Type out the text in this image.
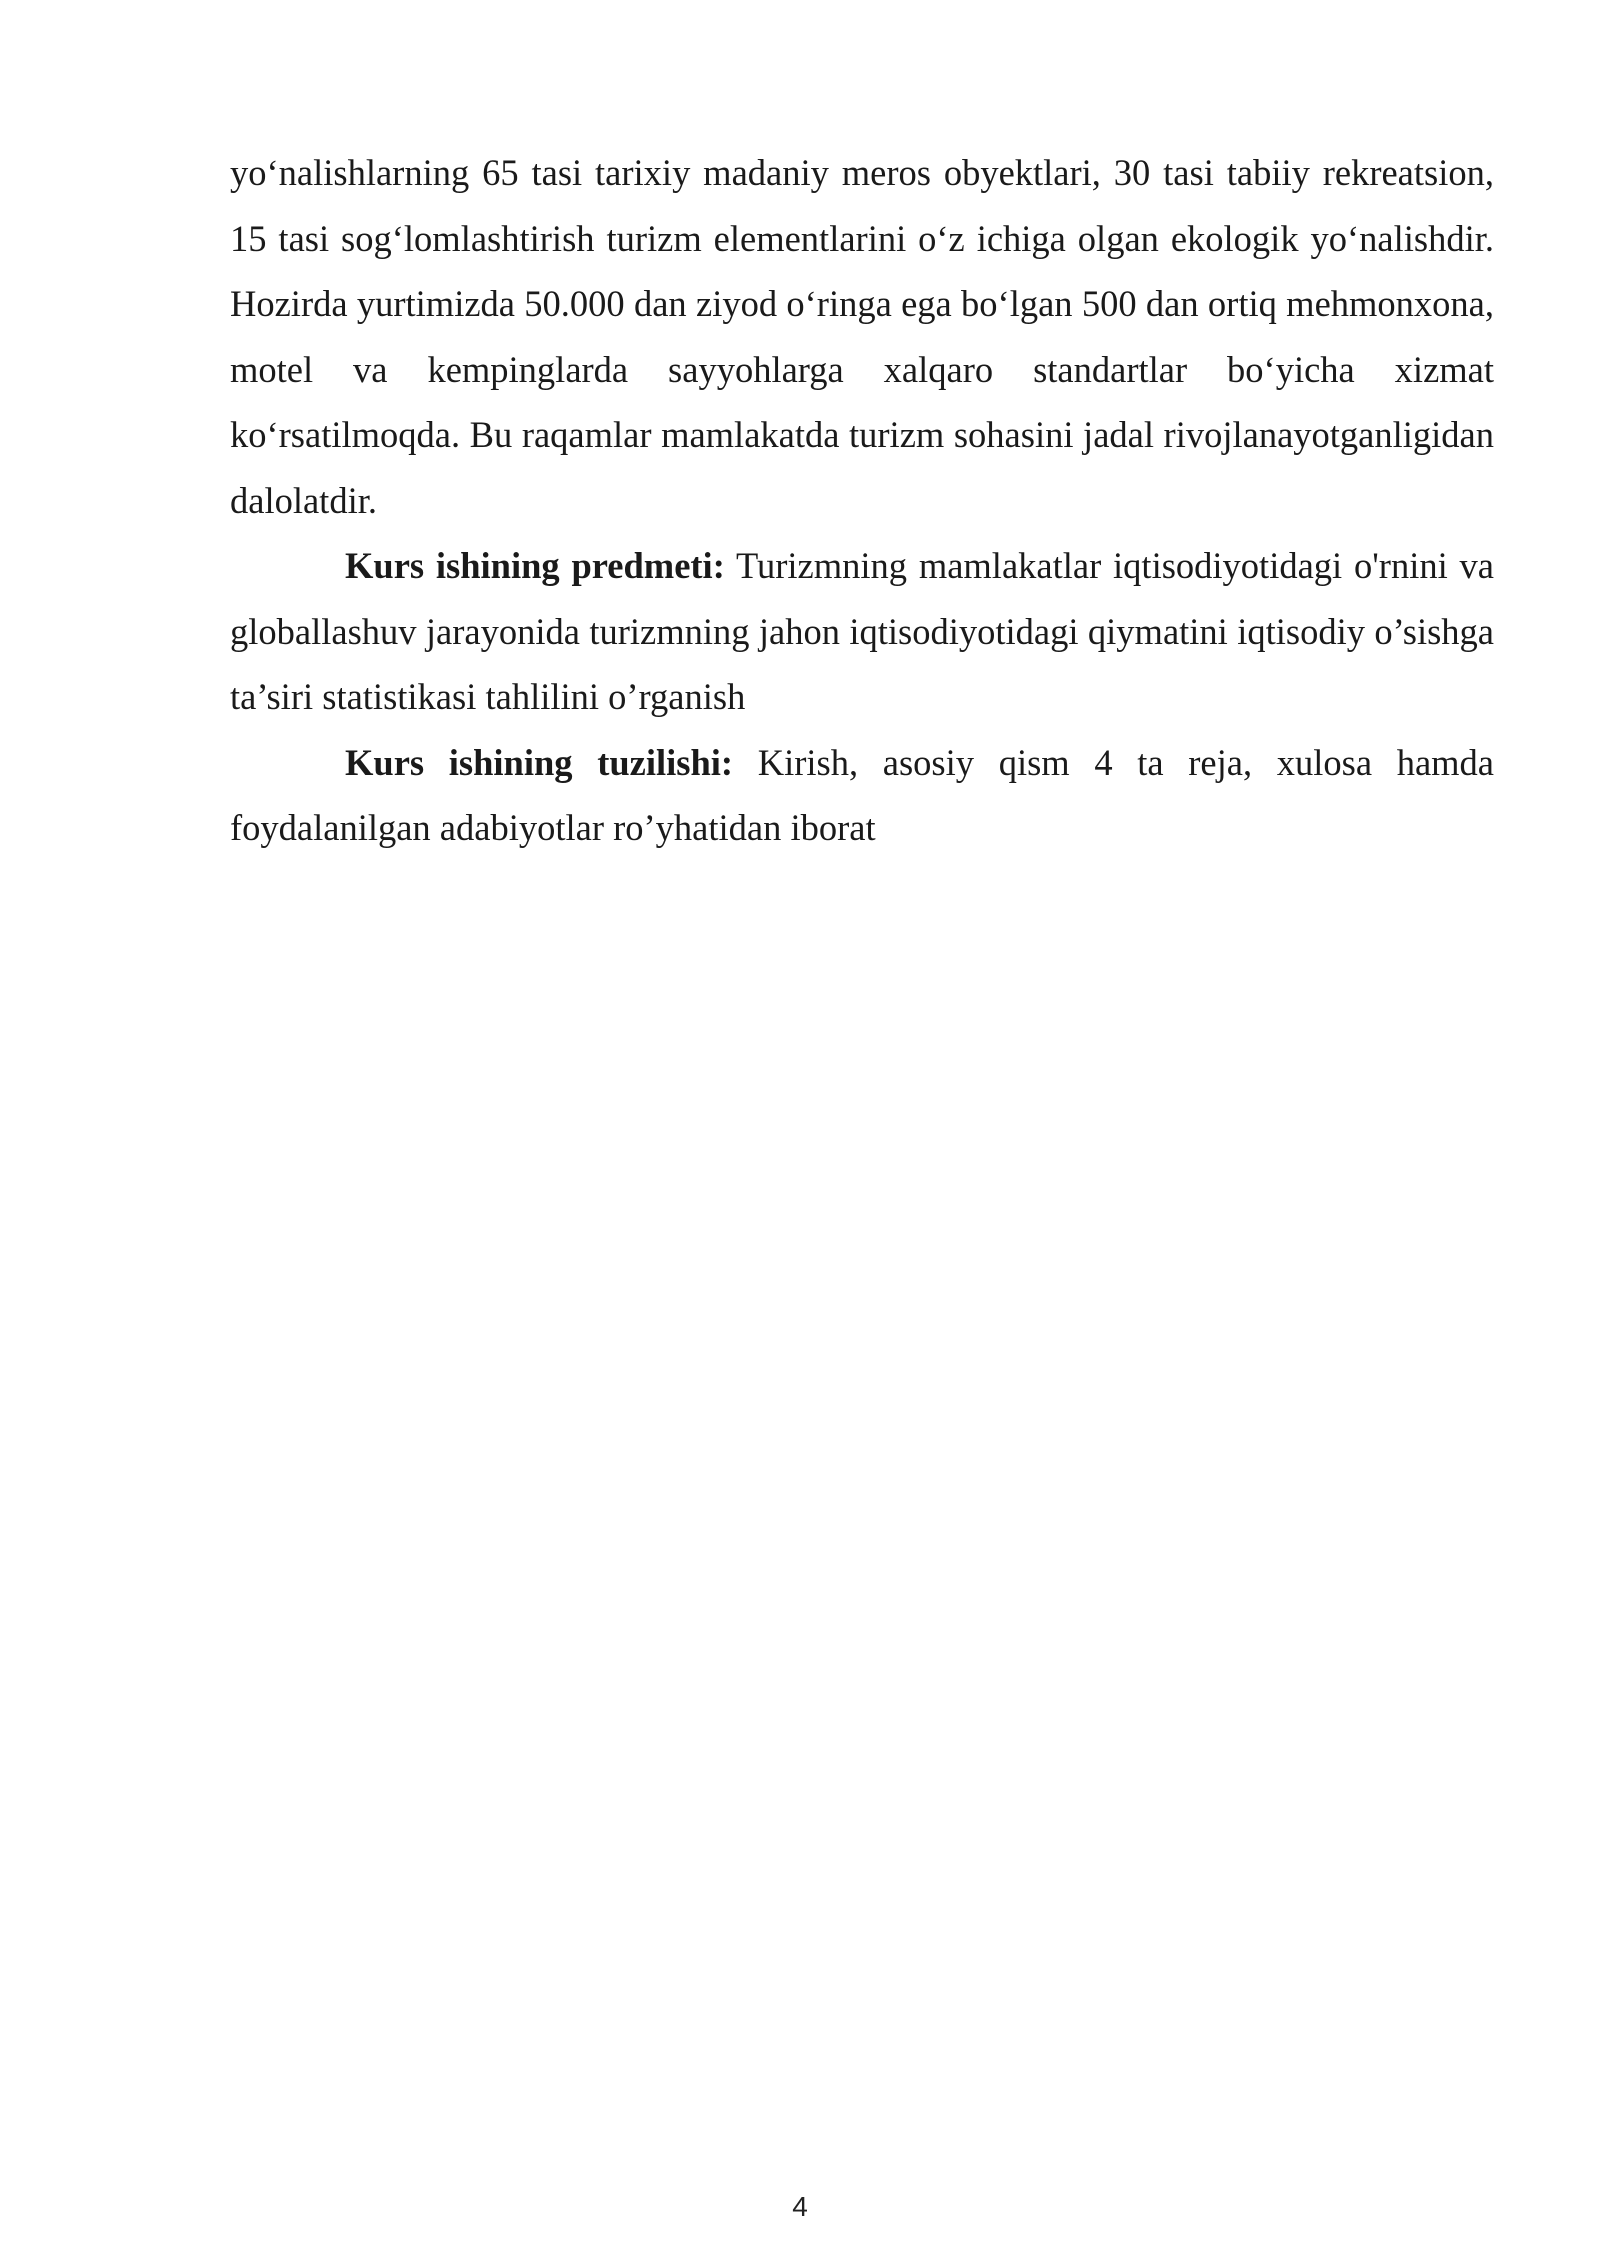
yo‘nalishlarning 65 tasi tarixiy madaniy meros obyektlari, 30 tasi tabiiy rekreatsion, 15 tasi sog‘lomlashtirish turizm elementlarini o‘z ichiga olgan ekologik yo‘nalishdir. Hozirda yurtimizda 50.000 dan ziyod o‘ringa ega bo‘lgan 500 dan ortiq mehmonxona, motel va kempinglarda sayyohlarga xalqaro standartlar bo‘yicha xizmat ko‘rsatilmoqda. Bu raqamlar mamlakatda turizm sohasini jadal rivojlanayotganligidan dalolatdir.

Kurs ishining predmeti: Turizmning mamlakatlar iqtisodiyotidagi o'rnini va globallashuv jarayonida turizmning jahon iqtisodiyotidagi qiymatini iqtisodiy o’sishga ta’siri statistikasi tahlilini o’rganish

Kurs ishining tuzilishi: Kirish, asosiy qism 4 ta reja, xulosa hamda foydalanilgan adabiyotlar ro’yhatidan iborat

4
